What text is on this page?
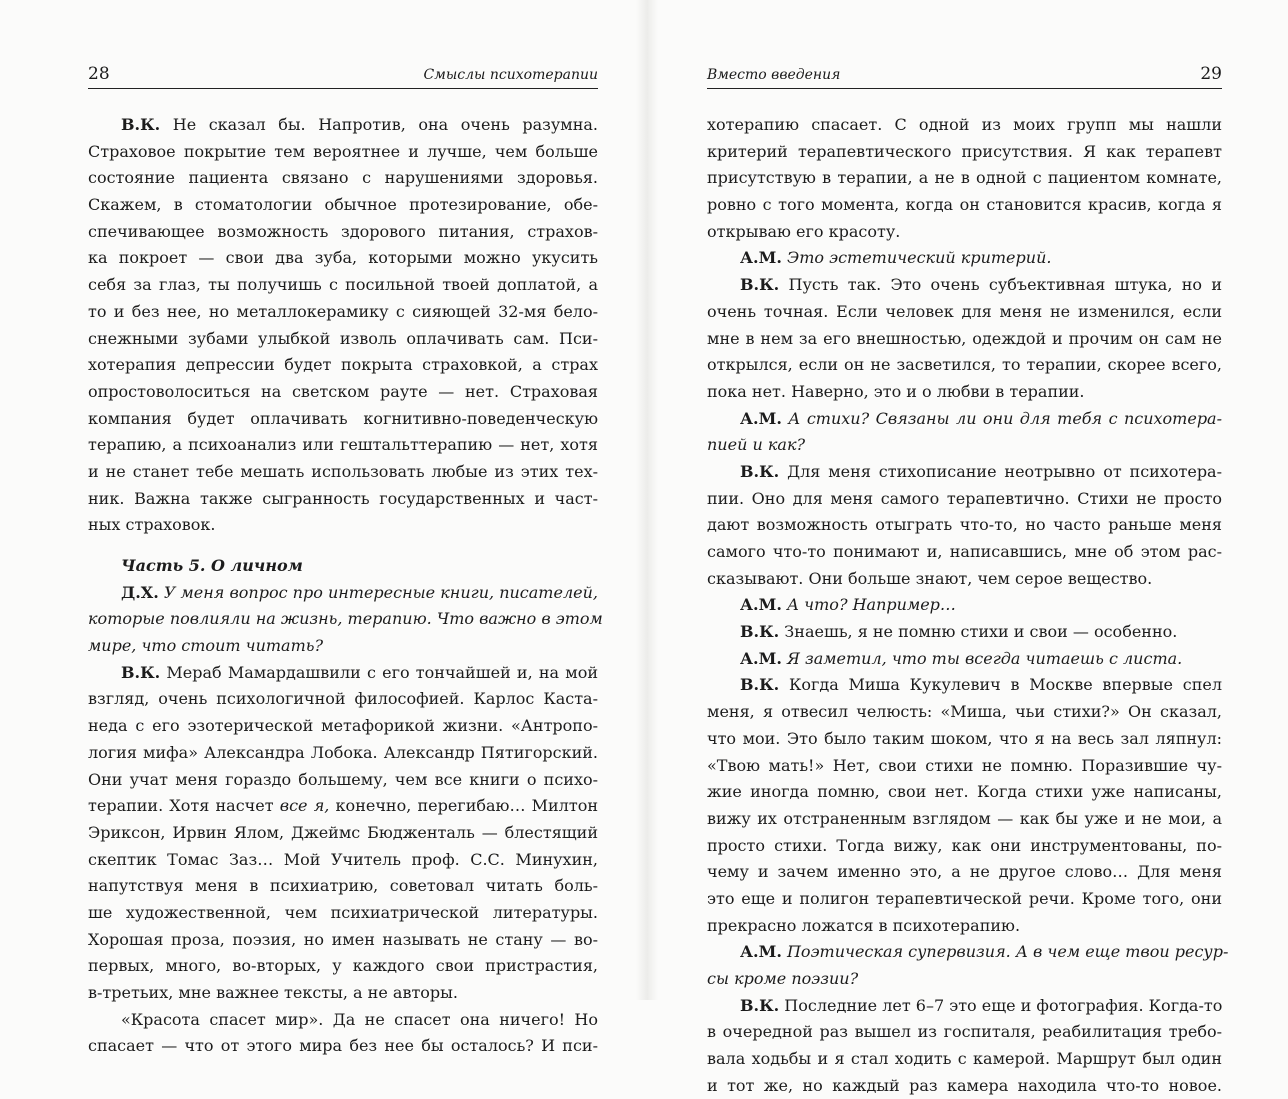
28	Смыслы психотерапии
В.К. Не сказал бы. Напротив, она очень разумна.
Страховое покрытие тем вероятнее и лучше, чем больше
состояние пациента связано с нарушениями здоровья.
Скажем, в стоматологии обычное протезирование, обе-
спечивающее возможность здорового питания, страхов-
ка покроет — свои два зуба, которыми можно укусить
себя за глаз, ты получишь с посильной твоей доплатой, а
то и без нее, но металлокерамику с сияющей 32-мя бело-
снежными зубами улыбкой изволь оплачивать сам. Пси-
хотерапия депрессии будет покрыта страховкой, а страх
опростоволоситься на светском рауте — нет. Страховая
компания будет оплачивать когнитивно-поведенческую
терапию, а психоанализ или гештальттерапию — нет, хотя
и не станет тебе мешать использовать любые из этих тех-
ник. Важна также сыгранность государственных и част-
ных страховок.
Часть 5. О личном
Д.Х. У меня вопрос про интересные книги, писателей,
которые повлияли на жизнь, терапию. Что важно в этом
мире, что стоит читать?
В.К. Мераб Мамардашвили с его тончайшей и, на мой
взгляд, очень психологичной философией. Карлос Каста-
неда с его эзотерической метафорикой жизни. «Антропо-
логия мифа» Александра Лобока. Александр Пятигорский.
Они учат меня гораздо большему, чем все книги о психо-
терапии. Хотя насчет все я, конечно, перегибаю… Милтон
Эриксон, Ирвин Ялом, Джеймс Бюдженталь — блестящий
скептик Томас Заз… Мой Учитель проф. С.С. Минухин,
напутствуя меня в психиатрию, советовал читать боль-
ше художественной, чем психиатрической литературы.
Хорошая проза, поэзия, но имен называть не стану — во-
первых, много, во-вторых, у каждого свои пристрастия,
в-третьих, мне важнее тексты, а не авторы.
«Красота спасет мир». Да не спасет она ничего! Но
спасает — что от этого мира без нее бы осталось? И пси-
Вместо введения	29
хотерапию спасает. С одной из моих групп мы нашли
критерий терапевтического присутствия. Я как терапевт
присутствую в терапии, а не в одной с пациентом комнате,
ровно с того момента, когда он становится красив, когда я
открываю его красоту.
А.М. Это эстетический критерий.
В.К. Пусть так. Это очень субъективная штука, но и
очень точная. Если человек для меня не изменился, если
мне в нем за его внешностью, одеждой и прочим он сам не
открылся, если он не засветился, то терапии, скорее всего,
пока нет. Наверно, это и о любви в терапии.
А.М. А стихи? Связаны ли они для тебя с психотера-
пией и как?
В.К. Для меня стихописание неотрывно от психотера-
пии. Оно для меня самого терапевтично. Стихи не просто
дают возможность отыграть что-то, но часто раньше меня
самого что-то понимают и, написавшись, мне об этом рас-
сказывают. Они больше знают, чем серое вещество.
А.М. А что? Например…
В.К. Знаешь, я не помню стихи и свои — особенно.
А.М. Я заметил, что ты всегда читаешь с листа.
В.К. Когда Миша Кукулевич в Москве впервые спел
меня, я отвесил челюсть: «Миша, чьи стихи?» Он сказал,
что мои. Это было таким шоком, что я на весь зал ляпнул:
«Твою мать!» Нет, свои стихи не помню. Поразившие чу-
жие иногда помню, свои нет. Когда стихи уже написаны,
вижу их отстраненным взглядом — как бы уже и не мои, а
просто стихи. Тогда вижу, как они инструментованы, по-
чему и зачем именно это, а не другое слово… Для меня
это еще и полигон терапевтической речи. Кроме того, они
прекрасно ложатся в психотерапию.
А.М. Поэтическая супервизия. А в чем еще твои ресур-
сы кроме поэзии?
В.К. Последние лет 6–7 это еще и фотография. Когда-то
в очередной раз вышел из госпиталя, реабилитация требо-
вала ходьбы и я стал ходить с камерой. Маршрут был один
и тот же, но каждый раз камера находила что-то новое.
